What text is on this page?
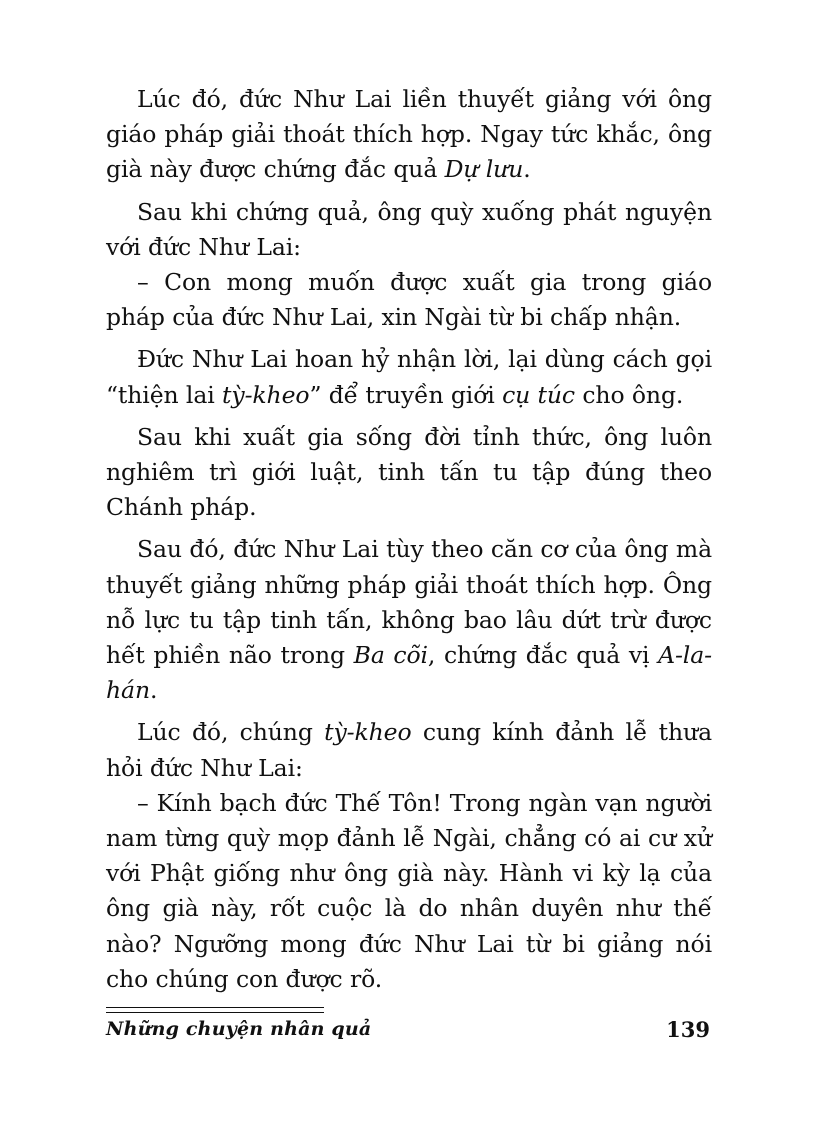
Lúc đó, đức Như Lai liền thuyết giảng với ông giáo pháp giải thoát thích hợp. Ngay tức khắc, ông già này được chứng đắc quả Dự lưu.

Sau khi chứng quả, ông quỳ xuống phát nguyện với đức Như Lai:

– Con mong muốn được xuất gia trong giáo pháp của đức Như Lai, xin Ngài từ bi chấp nhận.

Đức Như Lai hoan hỷ nhận lời, lại dùng cách gọi “thiện lai tỳ-kheo” để truyền giới cụ túc cho ông.

Sau khi xuất gia sống đời tỉnh thức, ông luôn nghiêm trì giới luật, tinh tấn tu tập đúng theo Chánh pháp.

Sau đó, đức Như Lai tùy theo căn cơ của ông mà thuyết giảng những pháp giải thoát thích hợp. Ông nỗ lực tu tập tinh tấn, không bao lâu dứt trừ được hết phiền não trong Ba cõi, chứng đắc quả vị A-la-hán.

Lúc đó, chúng tỳ-kheo cung kính đảnh lễ thưa hỏi đức Như Lai:

– Kính bạch đức Thế Tôn! Trong ngàn vạn người nam từng quỳ mọp đảnh lễ Ngài, chẳng có ai cư xử với Phật giống như ông già này. Hành vi kỳ lạ của ông già này, rốt cuộc là do nhân duyên như thế nào? Ngưỡng mong đức Như Lai từ bi giảng nói cho chúng con được rõ.

Những chuyện nhân quả	139
